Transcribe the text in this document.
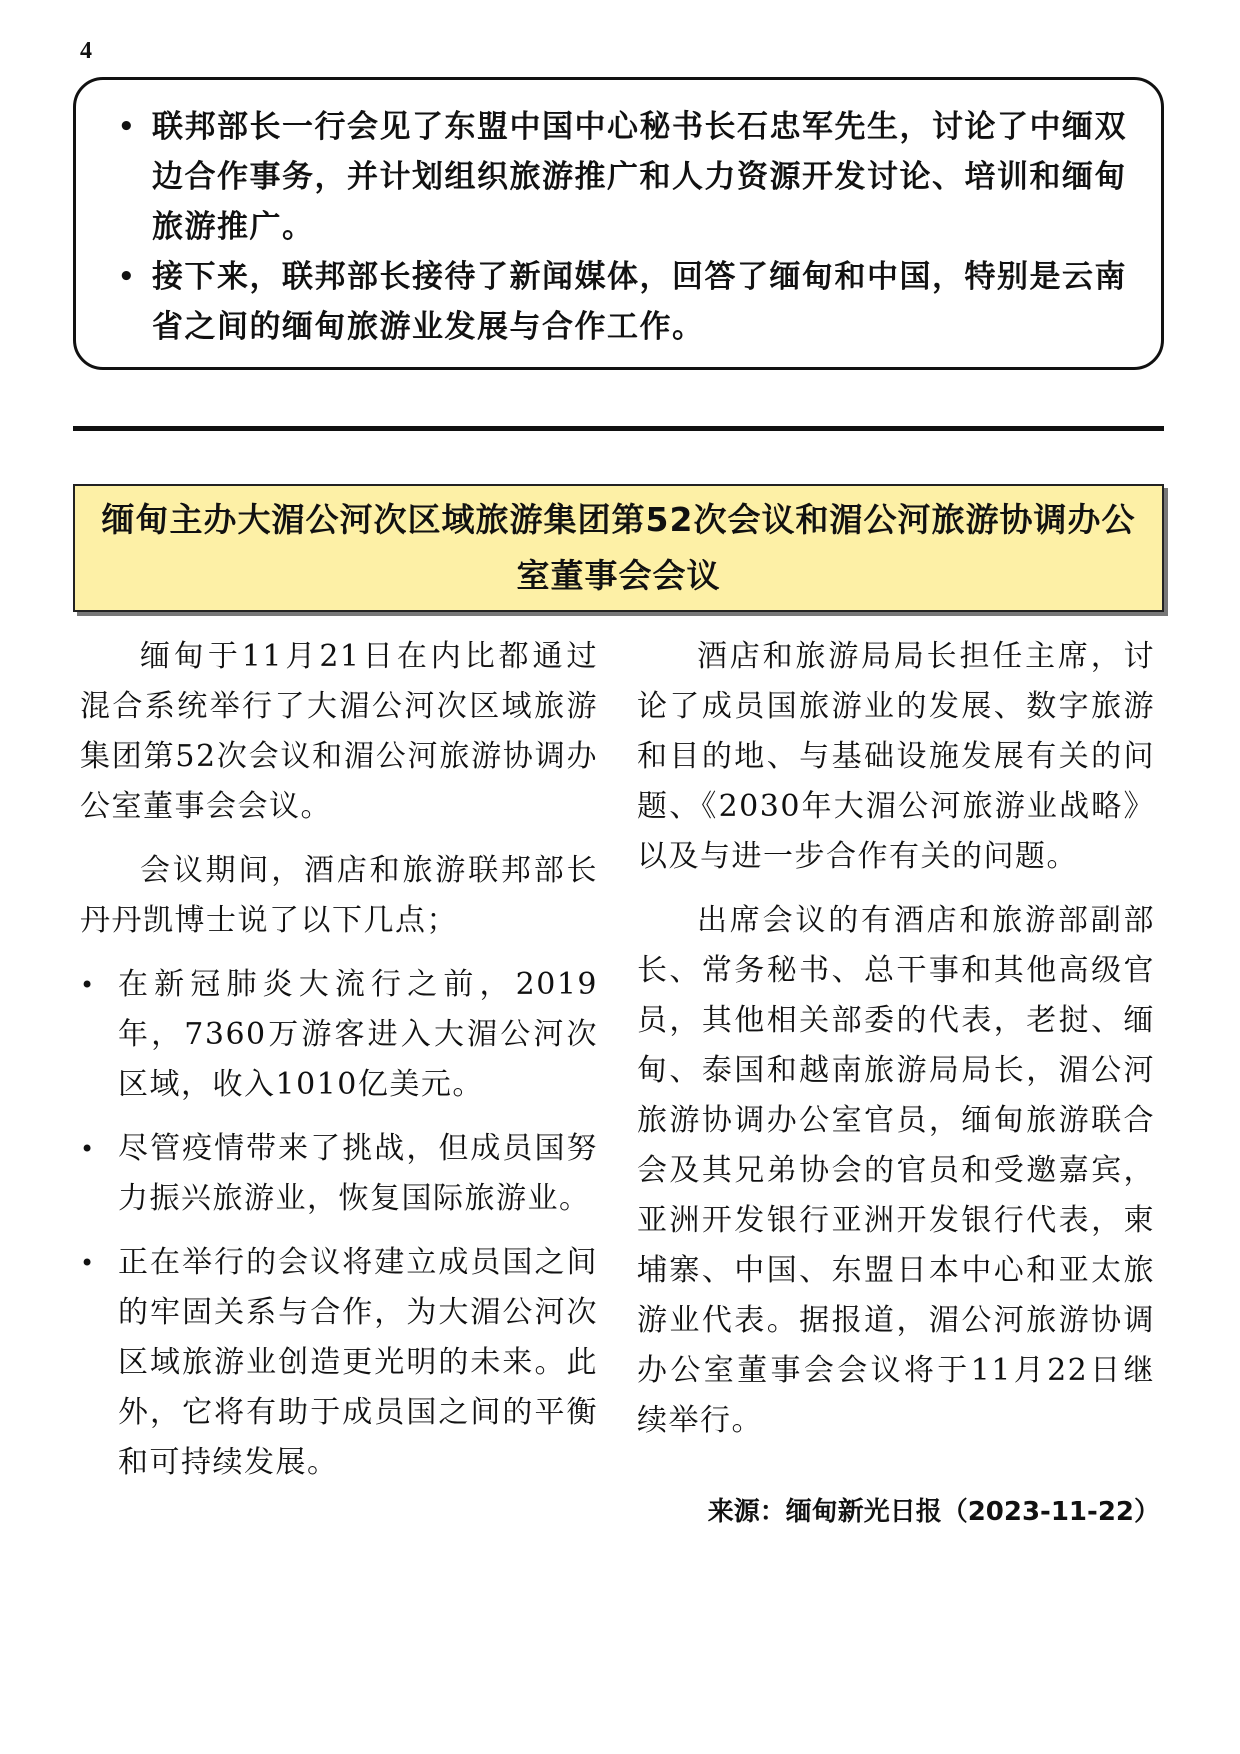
4
• 联邦部长一行会见了东盟中国中心秘书长石忠军先生，讨论了中缅双边合作事务，并计划组织旅游推广和人力资源开发讨论、培训和缅甸旅游推广。
• 接下来，联邦部长接待了新闻媒体，回答了缅甸和中国，特别是云南省之间的缅甸旅游业发展与合作工作。
缅甸主办大湄公河次区域旅游集团第52次会议和湄公河旅游协调办公室董事会会议

缅甸于11月21日在内比都通过混合系统举行了大湄公河次区域旅游集团第52次会议和湄公河旅游协调办公室董事会会议。

会议期间，酒店和旅游联邦部长丹丹凯博士说了以下几点；

• 在新冠肺炎大流行之前，2019年，7360万游客进入大湄公河次区域，收入1010亿美元。
• 尽管疫情带来了挑战，但成员国努力振兴旅游业，恢复国际旅游业。
• 正在举行的会议将建立成员国之间的牢固关系与合作，为大湄公河次区域旅游业创造更光明的未来。此外，它将有助于成员国之间的平衡和可持续发展。

酒店和旅游局局长担任主席，讨论了成员国旅游业的发展、数字旅游和目的地、与基础设施发展有关的问题、《2030年大湄公河旅游业战略》以及与进一步合作有关的问题。

出席会议的有酒店和旅游部副部长、常务秘书、总干事和其他高级官员，其他相关部委的代表，老挝、缅甸、泰国和越南旅游局局长，湄公河旅游协调办公室官员，缅甸旅游联合会及其兄弟协会的官员和受邀嘉宾，亚洲开发银行亚洲开发银行代表，柬埔寨、中国、东盟日本中心和亚太旅游业代表。据报道，湄公河旅游协调办公室董事会会议将于11月22日继续举行。

来源：缅甸新光日报（2023-11-22）
